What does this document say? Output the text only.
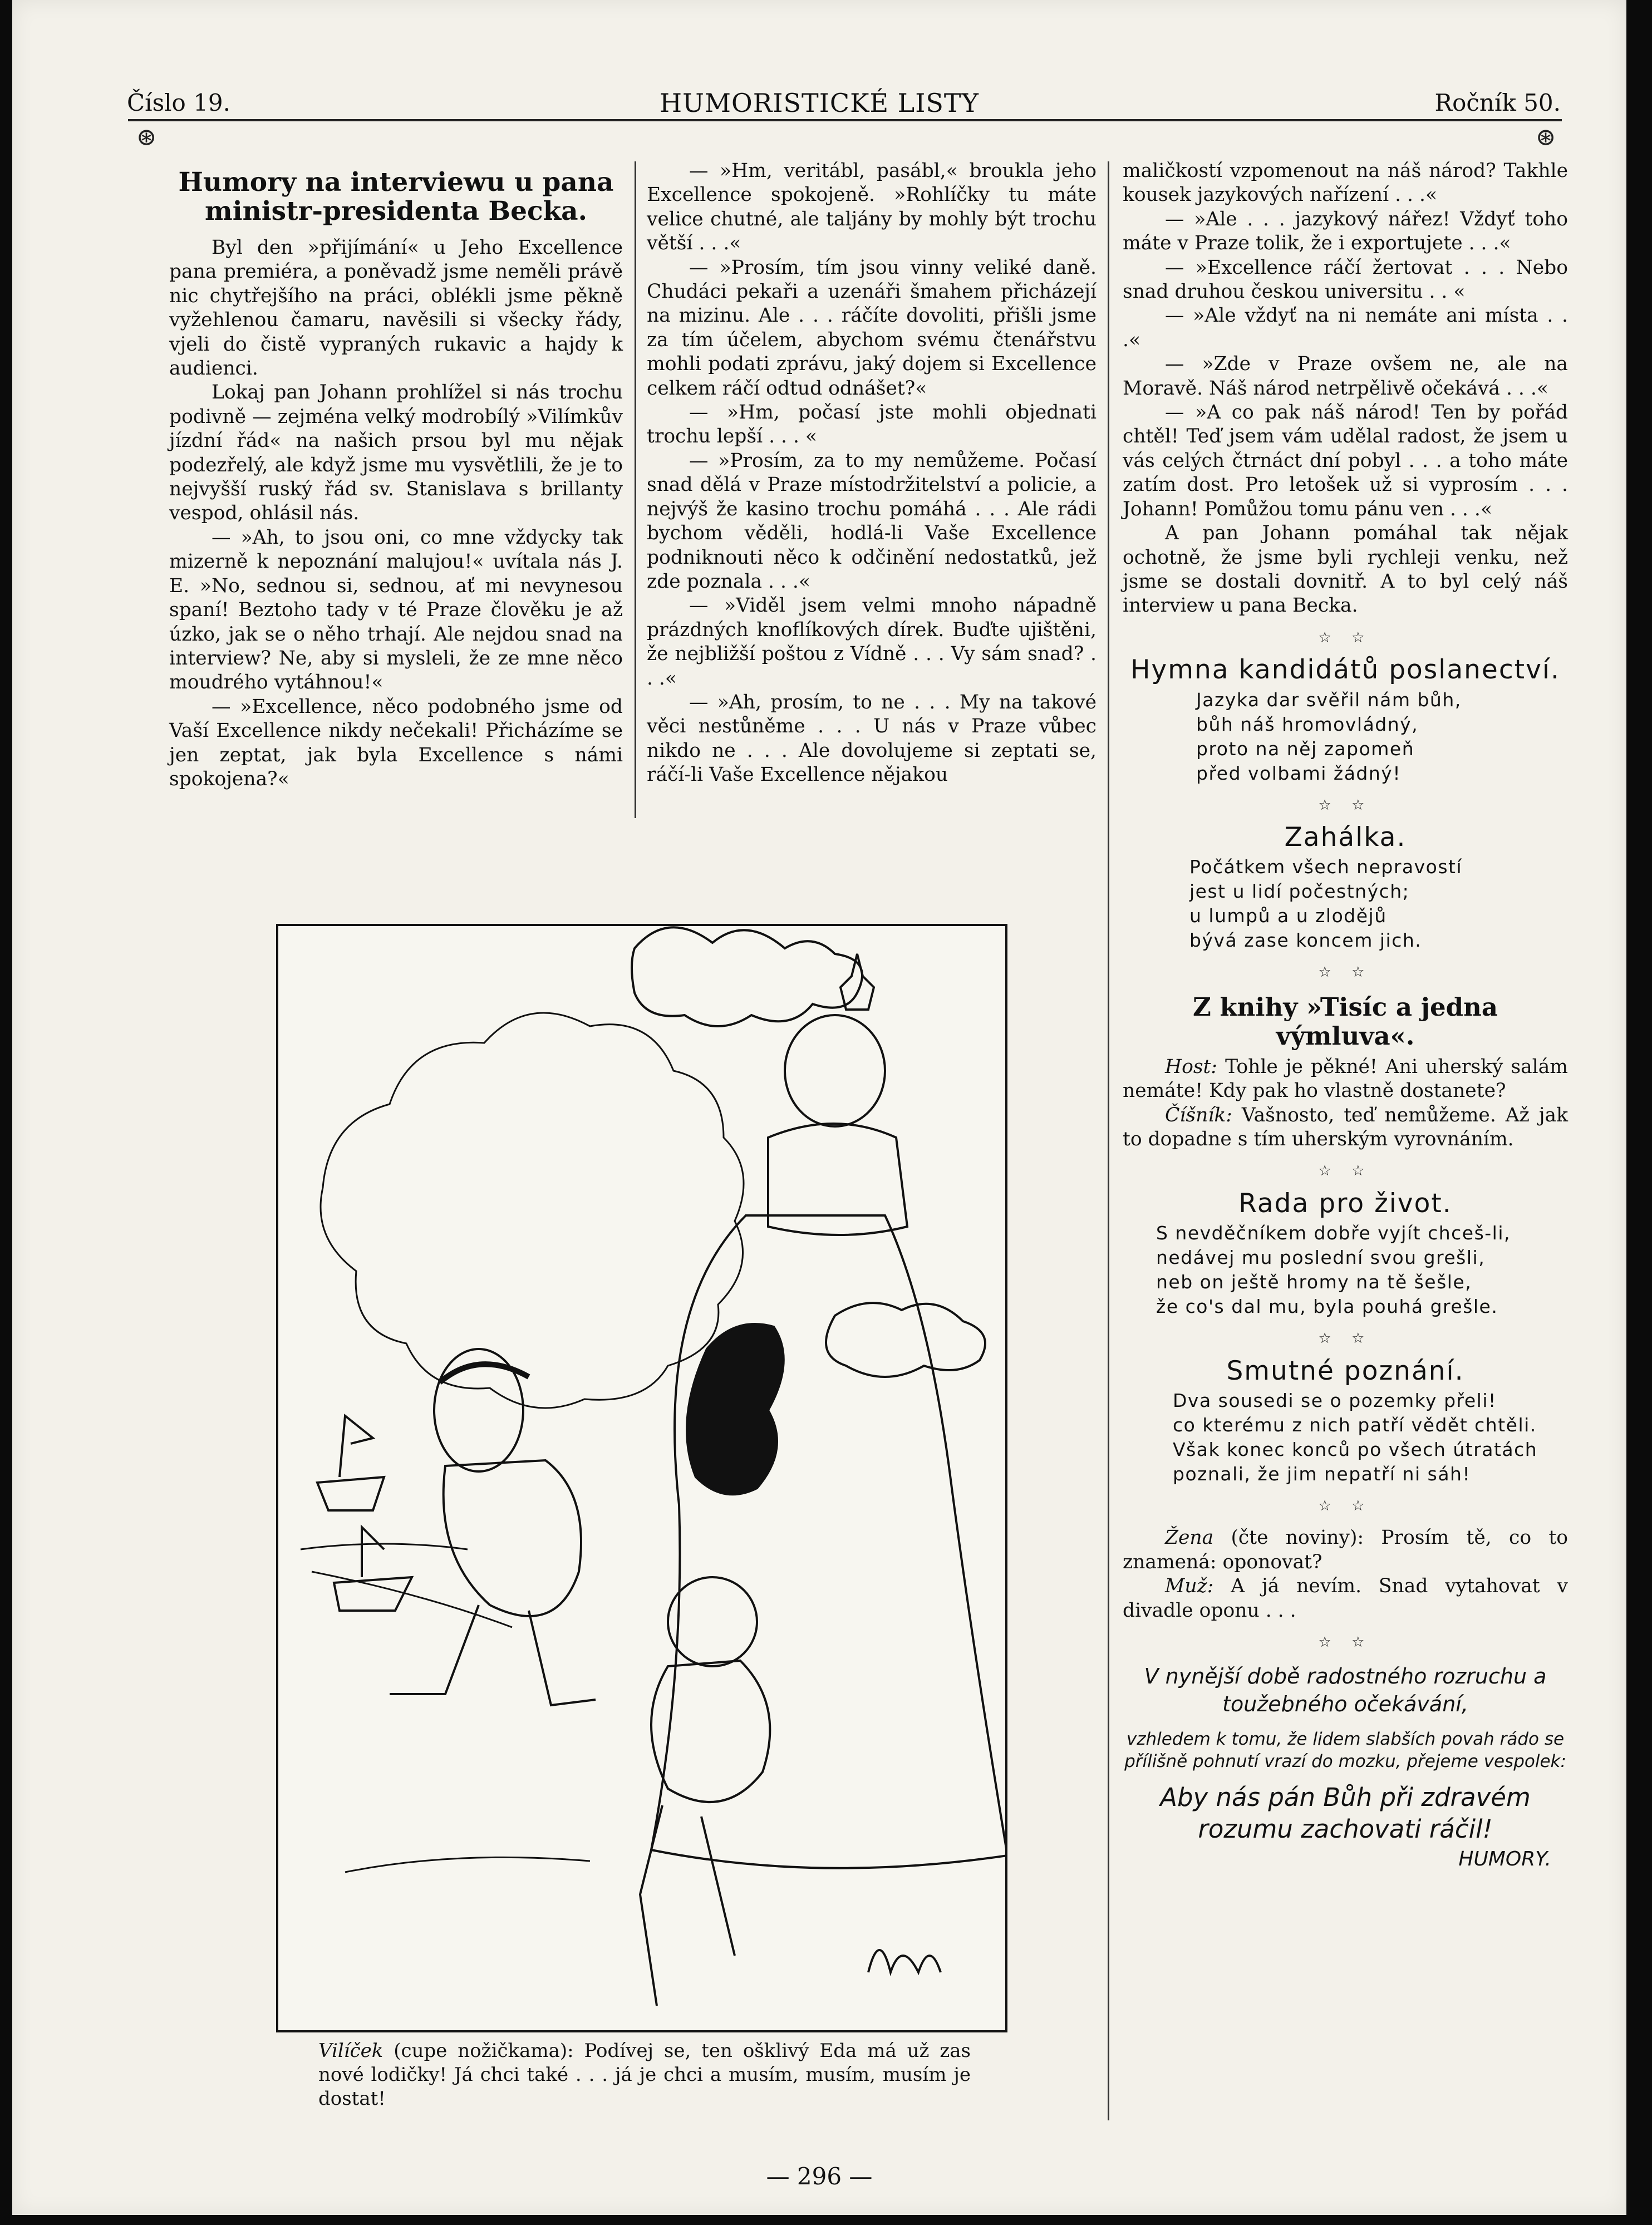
Číslo 19.	HUMORISTICKÉ LISTY	Ročník 50.
⊛	⊛
Humory na interviewu u pana ministr-presidenta Becka.

Byl den »přijímání« u Jeho Excellence pana premiéra, a poněvadž jsme neměli právě nic chytřejšího na práci, oblékli jsme pěkně vyžehlenou čamaru, navěsili si všecky řády, vjeli do čistě vypraných rukavic a hajdy k audienci.

Lokaj pan Johann prohlížel si nás trochu podivně — zejména velký modrobílý »Vilímkův jízdní řád« na našich prsou byl mu nějak podezřelý, ale když jsme mu vysvětlili, že je to nejvyšší ruský řád sv. Stanislava s brillanty vespod, ohlásil nás.

— »Ah, to jsou oni, co mne vždycky tak mizerně k nepoznání malujou!« uvítala nás J. E. »No, sednou si, sednou, ať mi nevynesou spaní! Beztoho tady v té Praze člověku je až úzko, jak se o něho trhají. Ale nejdou snad na interview? Ne, aby si mysleli, že ze mne něco moudrého vytáhnou!«

— »Excellence, něco podobného jsme od Vaší Excellence nikdy nečekali! Přicházíme se jen zeptat, jak byla Excellence s námi spokojena?«

— »Hm, veritábl, pasábl,« broukla jeho Excellence spokojeně. »Rohlíčky tu máte velice chutné, ale taljány by mohly být trochu větší . . .«

— »Prosím, tím jsou vinny veliké daně. Chudáci pekaři a uzenáři šmahem přicházejí na mizinu. Ale . . . ráčíte dovoliti, přišli jsme za tím účelem, abychom svému čtenářstvu mohli podati zprávu, jaký dojem si Excellence celkem ráčí odtud odnášet?«

— »Hm, počasí jste mohli objednati trochu lepší . . . «

— »Prosím, za to my nemůžeme. Počasí snad dělá v Praze místodržitelství a policie, a nejvýš že kasino trochu pomáhá . . . Ale rádi bychom věděli, hodlá-li Vaše Excellence podniknouti něco k odčinění nedostatků, jež zde poznala . . .«

— »Viděl jsem velmi mnoho nápadně prázdných knoflíkových dírek. Buďte ujištěni, že nejbližší poštou z Vídně . . . Vy sám snad? . . .«

— »Ah, prosím, to ne . . . My na takové věci nestůněme . . . U nás v Praze vůbec nikdo ne . . . Ale dovolujeme si zeptati se, ráčí-li Vaše Excellence nějakou

maličkostí vzpomenout na náš národ? Takhle kousek jazykových nařízení . . .«

— »Ale . . . jazykový nářez! Vždyť toho máte v Praze tolik, že i exportujete . . .«

— »Excellence ráčí žertovat . . . Nebo snad druhou českou universitu . . «

— »Ale vždyť na ni nemáte ani místa . . .«

— »Zde v Praze ovšem ne, ale na Moravě. Náš národ netrpělivě očekává . . .«

— »A co pak náš národ! Ten by pořád chtěl! Teď jsem vám udělal radost, že jsem u vás celých čtrnáct dní pobyl . . . a toho máte zatím dost. Pro letošek už si vyprosím . . . Johann! Pomůžou tomu pánu ven . . .«

A pan Johann pomáhal tak nějak ochotně, že jsme byli rychleji venku, než jsme se dostali dovnitř. A to byl celý náš interview u pana Becka.

☆ ☆
Hymna kandidátů poslanectví.
Jazyka dar svěřil nám bůh,
bůh náš hromovládný,
proto na něj zapomeň
před volbami žádný!
☆ ☆
Zahálka.
Počátkem všech nepravostí
jest u lidí počestných;
u lumpů a u zlodějů
bývá zase koncem jich.
☆ ☆
Z knihy »Tisíc a jedna výmluva«.

Host: Tohle je pěkné! Ani uherský salám nemáte! Kdy pak ho vlastně dostanete?

Číšník: Vašnosto, teď nemůžeme. Až jak to dopadne s tím uherským vyrovnáním.

☆ ☆
Rada pro život.
S nevděčníkem dobře vyjít chceš-li,
nedávej mu poslední svou grešli,
neb on ještě hromy na tě šešle,
že co's dal mu, byla pouhá grešle.
☆ ☆
Smutné poznání.
Dva sousedi se o pozemky přeli!
co kterému z nich patří vědět chtěli.
Však konec konců po všech útratách
poznali, že jim nepatří ni sáh!
☆ ☆

Žena (čte noviny): Prosím tě, co to znamená: oponovat?

Muž: A já nevím. Snad vytahovat v divadle oponu . . .

☆ ☆
V nynější době radostného rozruchu a toužebného očekávání,
vzhledem k tomu, že lidem slabších povah rádo se přílišně pohnutí vrazí do mozku, přejeme vespolek:
Aby nás pán Bůh při zdravém rozumu zachovati ráčil!
HUMORY.
Vilíček (cupe nožičkama): Podívej se, ten ošklivý Eda má už zas nové lodičky! Já chci také . . . já je chci a musím, musím, musím je dostat!
— 296 —
